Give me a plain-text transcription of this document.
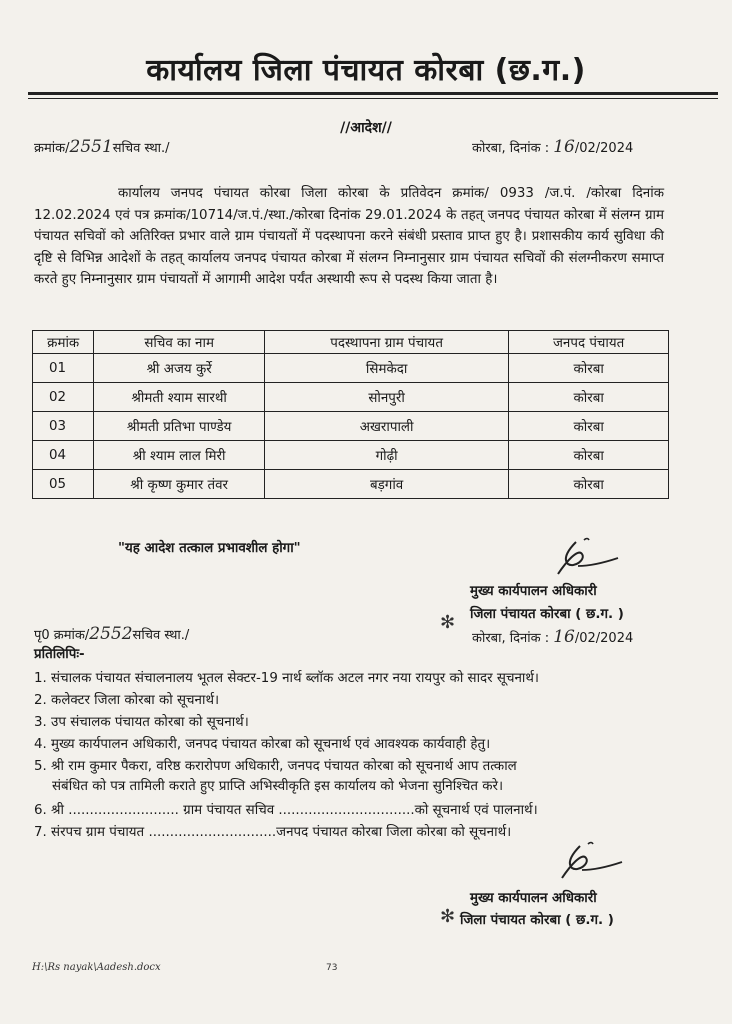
कार्यालय जिला पंचायत कोरबा (छ.ग.)
//आदेश//
क्रमांक/2551सचिव स्था./	कोरबा, दिनांक : 16/02/2024
कार्यालय जनपद पंचायत कोरबा जिला कोरबा के प्रतिवेदन क्रमांक/ 0933 /ज.पं. /कोरबा दिनांक 12.02.2024 एवं पत्र क्रमांक/10714/ज.पं./स्था./कोरबा दिनांक 29.01.2024 के तहत् जनपद पंचायत कोरबा में संलग्न ग्राम पंचायत सचिवों को अतिरिक्त प्रभार वाले ग्राम पंचायतों में पदस्थापना करने संबंधी प्रस्ताव प्राप्त हुए है। प्रशासकीय कार्य सुविधा की दृष्टि से विभिन्न आदेशों के तहत् कार्यालय जनपद पंचायत कोरबा में संलग्न निम्नानुसार ग्राम पंचायत सचिवों की संलग्नीकरण समाप्त करते हुए निम्नानुसार ग्राम पंचायतों में आगामी आदेश पर्यंत अस्थायी रूप से पदस्थ किया जाता है।
क्रमांक	सचिव का नाम	पदस्थापना ग्राम पंचायत	जनपद पंचायत
01	श्री अजय कुर्रे	सिमकेदा	कोरबा
02	श्रीमती श्याम सारथी	सोनपुरी	कोरबा
03	श्रीमती प्रतिभा पाण्डेय	अखरापाली	कोरबा
04	श्री श्याम लाल मिरी	गोढ़ी	कोरबा
05	श्री कृष्ण कुमार तंवर	बड़गांव	कोरबा
"यह आदेश तत्काल प्रभावशील होगा"
मुख्य कार्यपालन अधिकारी
✻ जिला पंचायत कोरबा ( छ.ग. )
पृ0 क्रमांक/2552सचिव स्था./	कोरबा, दिनांक : 16/02/2024
प्रतिलिपिः-
1. संचालक पंचायत संचालनालय भूतल सेक्टर-19 नार्थ ब्लॉक अटल नगर नया रायपुर को सादर सूचनार्थ।
2. कलेक्टर जिला कोरबा को सूचनार्थ।
3. उप संचालक पंचायत कोरबा को सूचनार्थ।
4. मुख्य कार्यपालन अधिकारी, जनपद पंचायत कोरबा को सूचनार्थ एवं आवश्यक कार्यवाही हेतु।
5. श्री राम कुमार पैकरा, वरिष्ठ करारोपण अधिकारी, जनपद पंचायत कोरबा को सूचनार्थ आप तत्काल
संबंधित को पत्र तामिली कराते हुए प्राप्ति अभिस्वीकृति इस कार्यालय को भेजना सुनिश्चित करे।
6. श्री .......................... ग्राम पंचायत सचिव ................................को सूचनार्थ एवं पालनार्थ।
7. संरपच ग्राम पंचायत ..............................जनपद पंचायत कोरबा जिला कोरबा को सूचनार्थ।
मुख्य कार्यपालन अधिकारी
✻ जिला पंचायत कोरबा ( छ.ग. )
H:\Rs nayak\Aadesh.docx	73
